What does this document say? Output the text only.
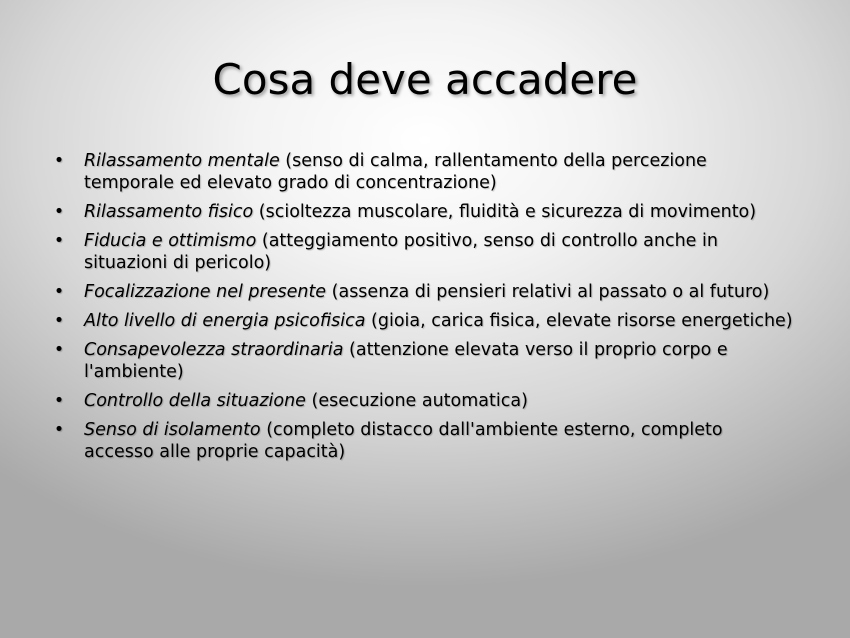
Cosa deve accadere
• Rilassamento mentale (senso di calma, rallentamento della percezione temporale ed elevato grado di concentrazione)
• Rilassamento fisico (scioltezza muscolare, fluidità e sicurezza di movimento)
• Fiducia e ottimismo (atteggiamento positivo, senso di controllo anche in situazioni di pericolo)
• Focalizzazione nel presente (assenza di pensieri relativi al passato o al futuro)
• Alto livello di energia psicofisica (gioia, carica fisica, elevate risorse energetiche)
• Consapevolezza straordinaria (attenzione elevata verso il proprio corpo e l'ambiente)
• Controllo della situazione (esecuzione automatica)
• Senso di isolamento (completo distacco dall'ambiente esterno, completo accesso alle proprie capacità)
